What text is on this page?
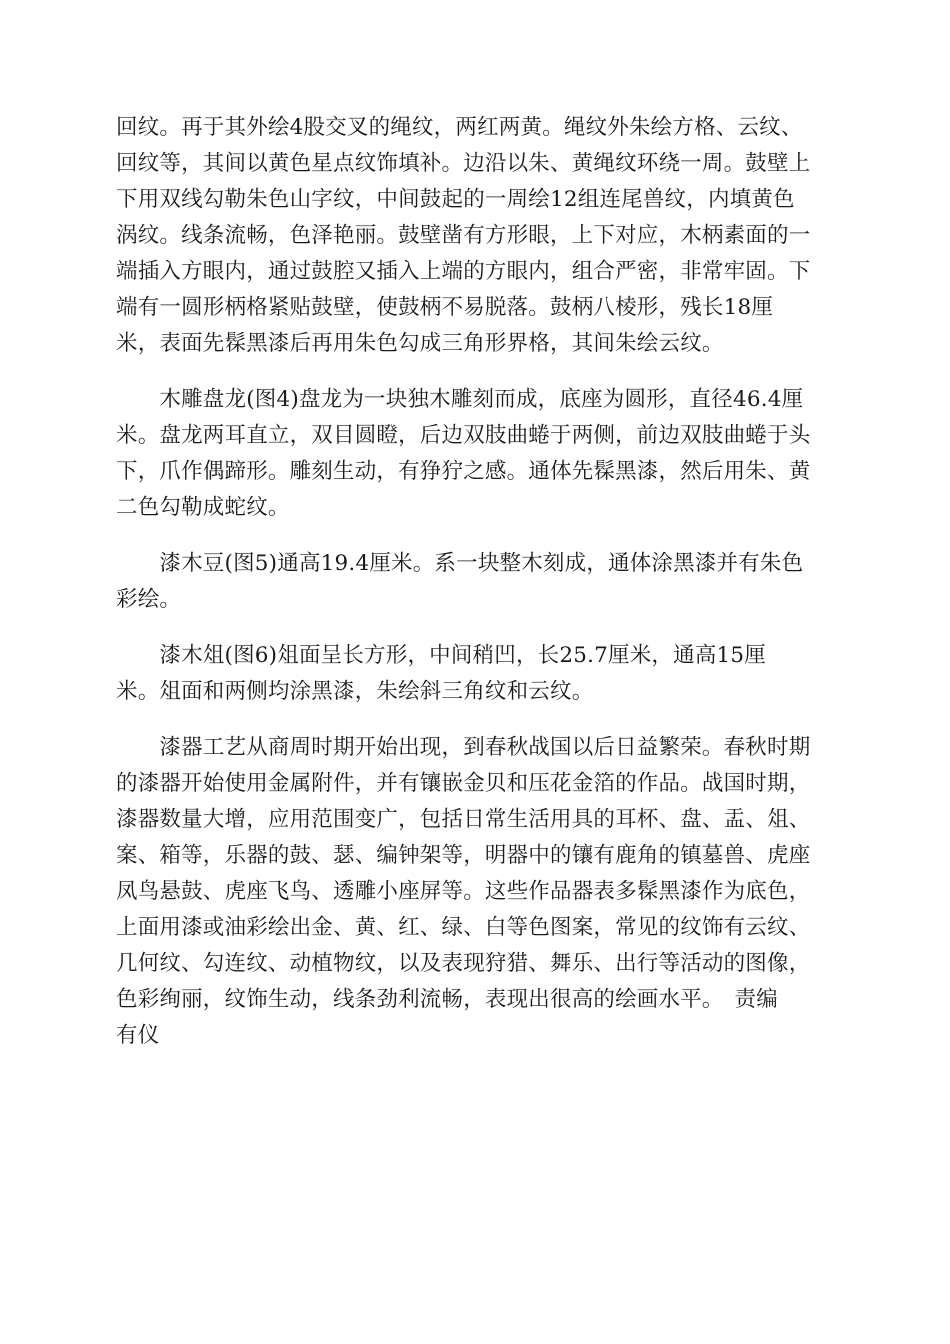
回纹。再于其外绘4股交叉的绳纹，两红两黄。绳纹外朱绘方格、云纹、
回纹等，其间以黄色星点纹饰填补。边沿以朱、黄绳纹环绕一周。鼓壁上
下用双线勾勒朱色山字纹，中间鼓起的一周绘12组连尾兽纹，内填黄色
涡纹。线条流畅，色泽艳丽。鼓壁凿有方形眼，上下对应，木柄素面的一
端插入方眼内，通过鼓腔又插入上端的方眼内，组合严密，非常牢固。下
端有一圆形柄格紧贴鼓壁，使鼓柄不易脱落。鼓柄八棱形，残长18厘
米，表面先髹黑漆后再用朱色勾成三角形界格，其间朱绘云纹。
　　木雕盘龙(图4)盘龙为一块独木雕刻而成，底座为圆形，直径46.4厘
米。盘龙两耳直立，双目圆瞪，后边双肢曲蜷于两侧，前边双肢曲蜷于头
下，爪作偶蹄形。雕刻生动，有狰狞之感。通体先髹黑漆，然后用朱、黄
二色勾勒成蛇纹。
　　漆木豆(图5)通高19.4厘米。系一块整木刻成，通体涂黑漆并有朱色
彩绘。
　　漆木俎(图6)俎面呈长方形，中间稍凹，长25.7厘米，通高15厘
米。俎面和两侧均涂黑漆，朱绘斜三角纹和云纹。
　　漆器工艺从商周时期开始出现，到春秋战国以后日益繁荣。春秋时期
的漆器开始使用金属附件，并有镶嵌金贝和压花金箔的作品。战国时期，
漆器数量大增，应用范围变广，包括日常生活用具的耳杯、盘、盂、俎、
案、箱等，乐器的鼓、瑟、编钟架等，明器中的镶有鹿角的镇墓兽、虎座
凤鸟悬鼓、虎座飞鸟、透雕小座屏等。这些作品器表多髹黑漆作为底色，
上面用漆或油彩绘出金、黄、红、绿、白等色图案，常见的纹饰有云纹、
几何纹、勾连纹、动植物纹，以及表现狩猎、舞乐、出行等活动的图像，
色彩绚丽，纹饰生动，线条劲利流畅，表现出很高的绘画水平。　责编
有仪
